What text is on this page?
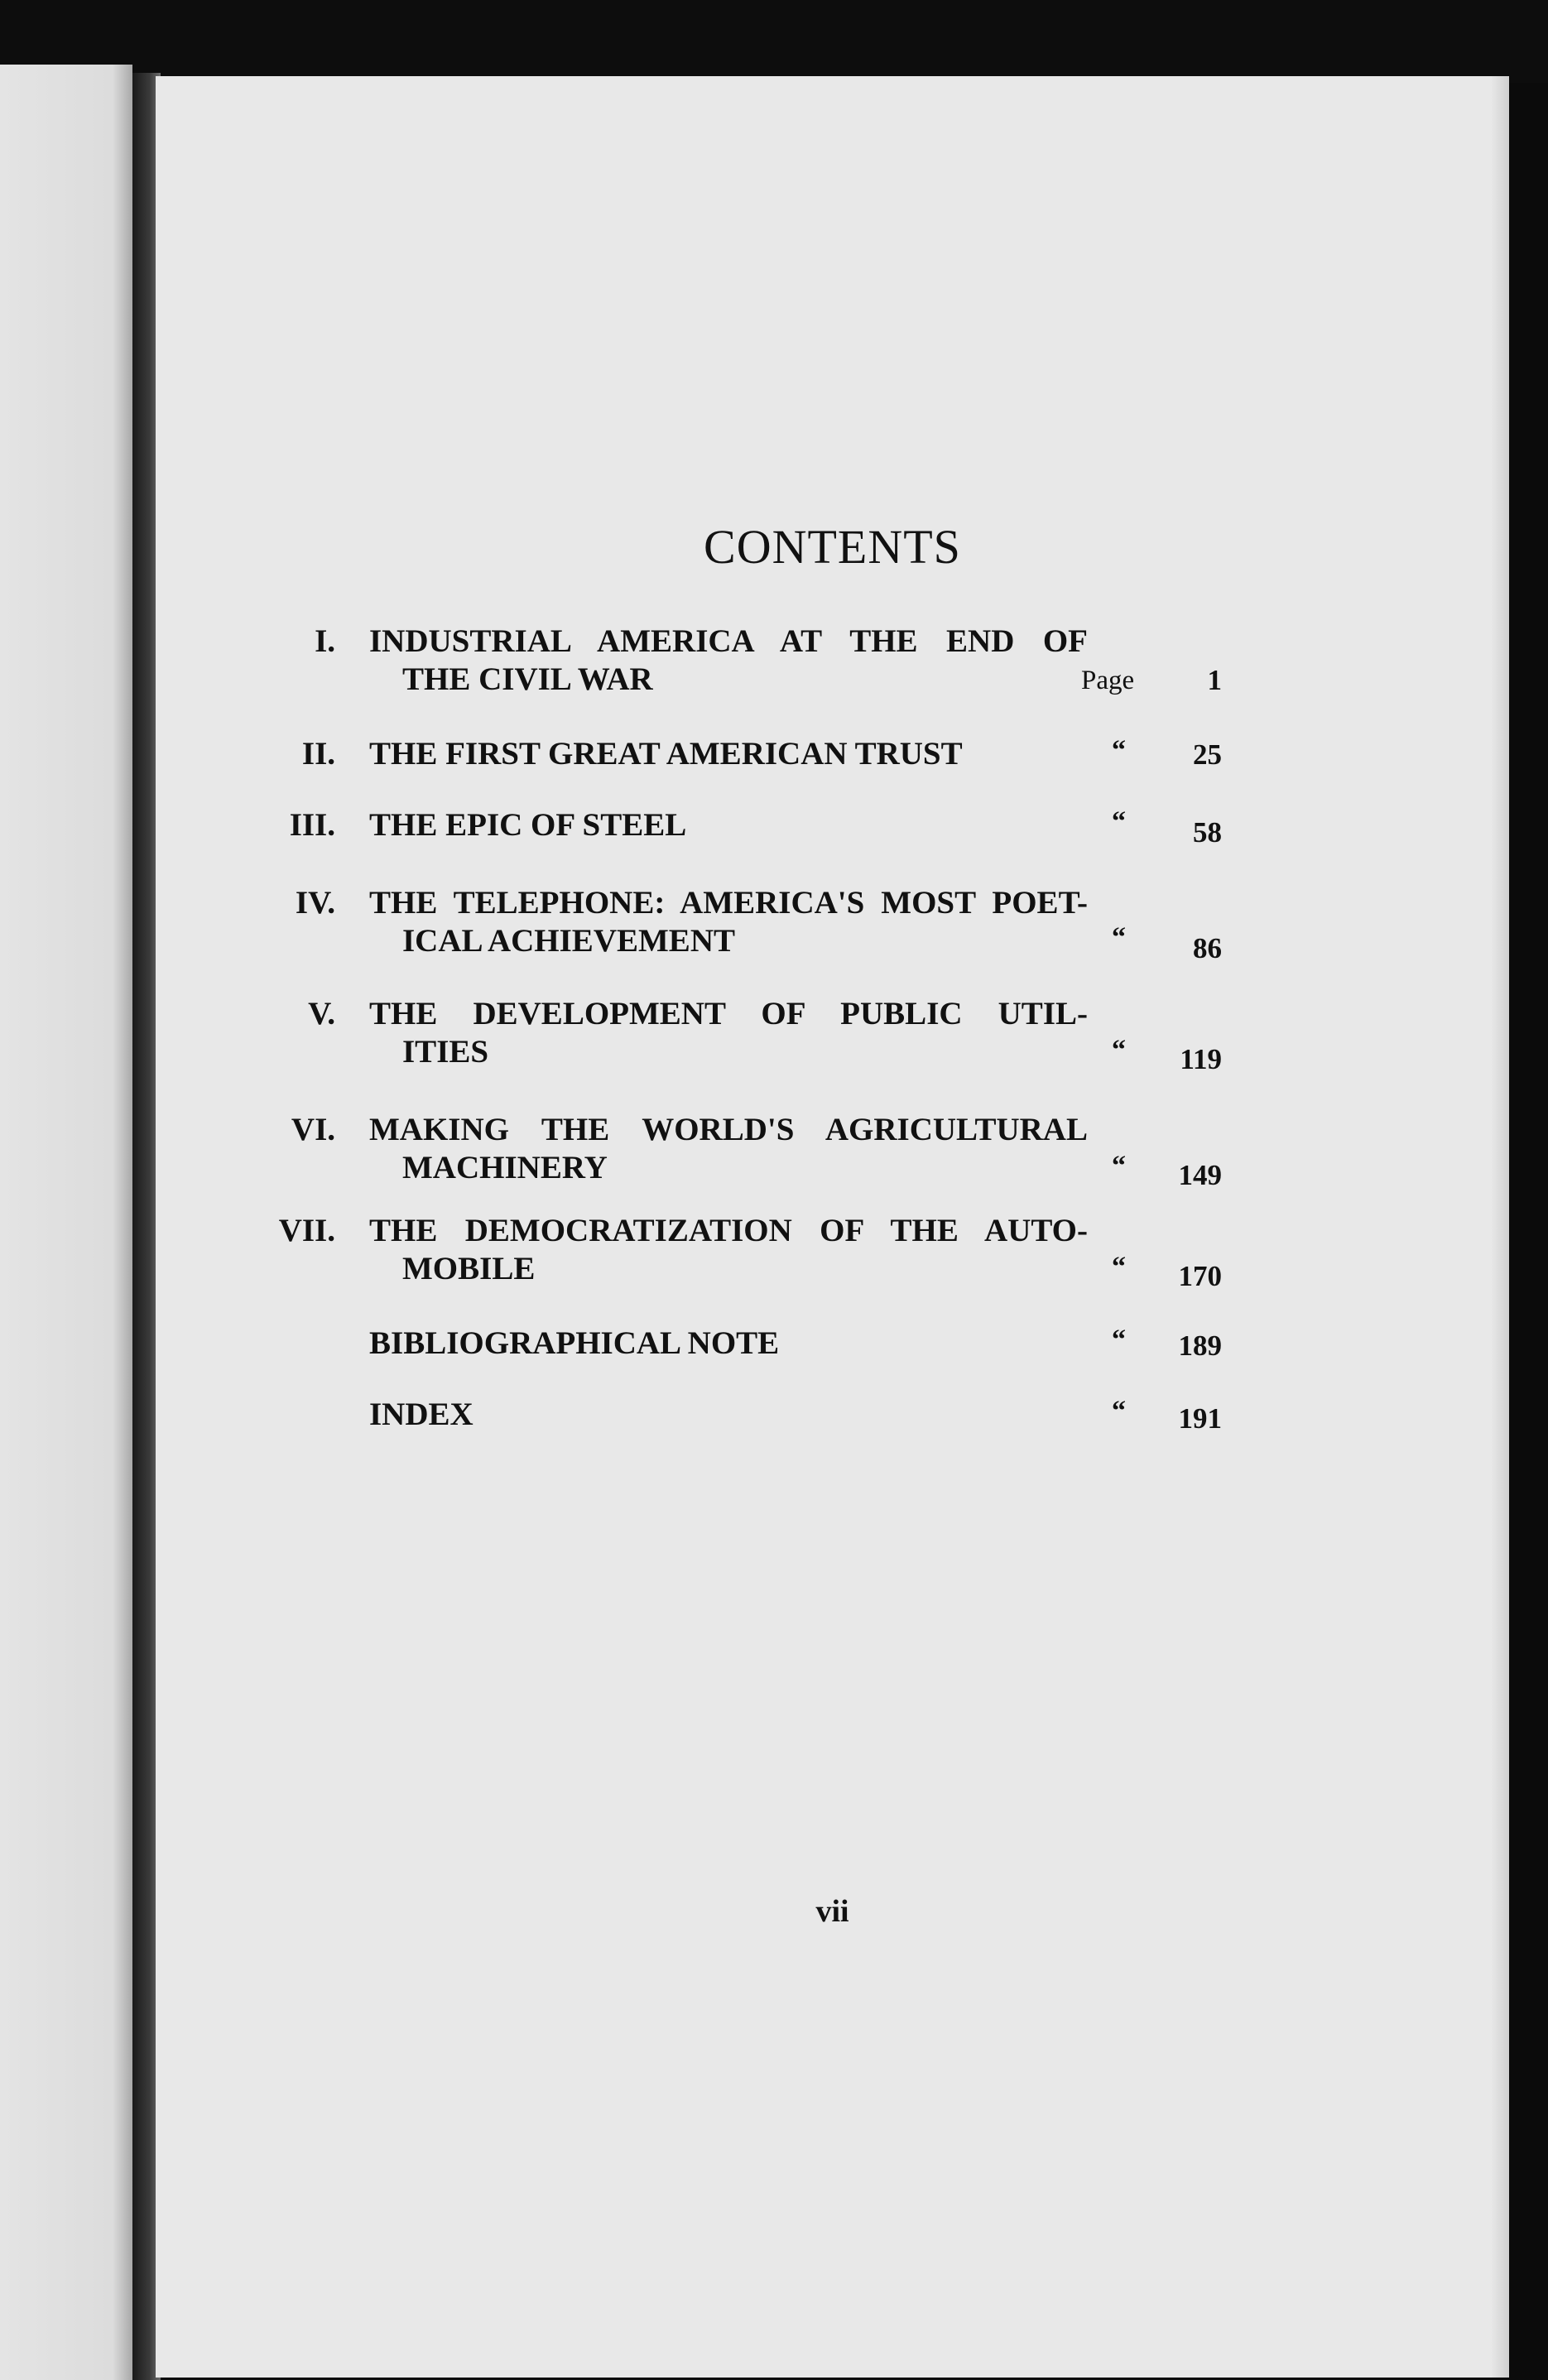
CONTENTS
I. INDUSTRIAL AMERICA AT THE END OF
THE CIVIL WAR	Page	1
II. THE FIRST GREAT AMERICAN TRUST	“	25
III. THE EPIC OF STEEL	“	58
IV. THE TELEPHONE: AMERICA'S MOST POET-
ICAL ACHIEVEMENT	“	86
V. THE DEVELOPMENT OF PUBLIC UTIL-
ITIES	“	119
VI. MAKING THE WORLD'S AGRICULTURAL
MACHINERY	“	149
VII. THE DEMOCRATIZATION OF THE AUTO-
MOBILE	“	170
BIBLIOGRAPHICAL NOTE	“	189
INDEX	“	191
vii
